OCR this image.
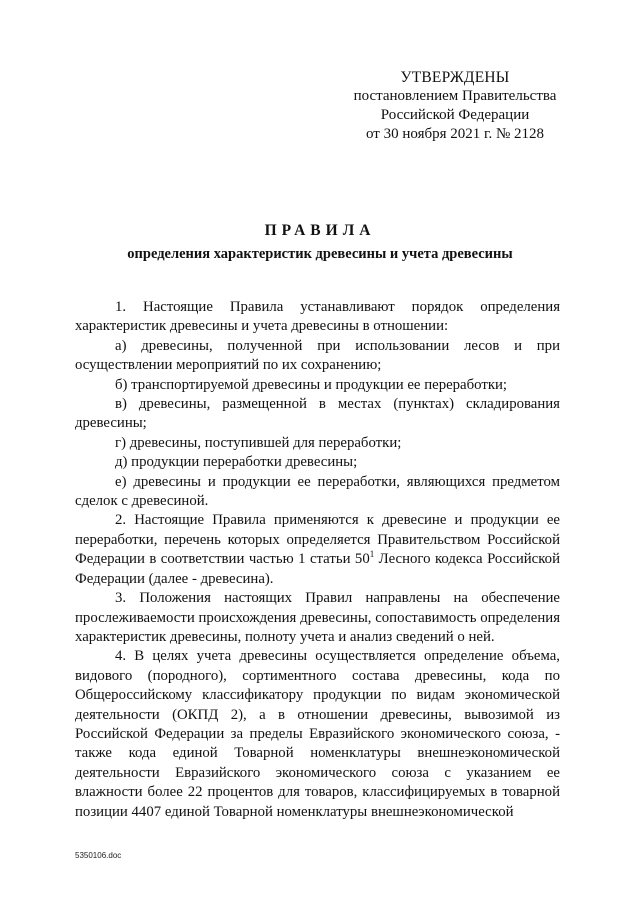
УТВЕРЖДЕНЫ
постановлением Правительства
Российской Федерации
от 30 ноября 2021 г. № 2128
ПРАВИЛА
определения характеристик древесины и учета древесины

1. Настоящие Правила устанавливают порядок определения характеристик древесины и учета древесины в отношении:

а) древесины, полученной при использовании лесов и при осуществлении мероприятий по их сохранению;

б) транспортируемой древесины и продукции ее переработки;

в) древесины, размещенной в местах (пунктах) складирования древесины;

г) древесины, поступившей для переработки;

д) продукции переработки древесины;

е) древесины и продукции ее переработки, являющихся предметом сделок с древесиной.

2. Настоящие Правила применяются к древесине и продукции ее переработки, перечень которых определяется Правительством Российской Федерации в соответствии частью 1 статьи $50^1$ Лесного кодекса Российской Федерации (далее - древесина).

3. Положения настоящих Правил направлены на обеспечение прослеживаемости происхождения древесины, сопоставимость определения характеристик древесины, полноту учета и анализ сведений о ней.

4. В целях учета древесины осуществляется определение объема, видового (породного), сортиментного состава древесины, кода по Общероссийскому классификатору продукции по видам экономической деятельности (ОКПД 2), а в отношении древесины, вывозимой из Российской Федерации за пределы Евразийского экономического союза, - также кода единой Товарной номенклатуры внешнеэкономической деятельности Евразийского экономического союза с указанием ее влажности более 22 процентов для товаров, классифицируемых в товарной позиции 4407 единой Товарной номенклатуры внешнеэкономической

5350106.doc
